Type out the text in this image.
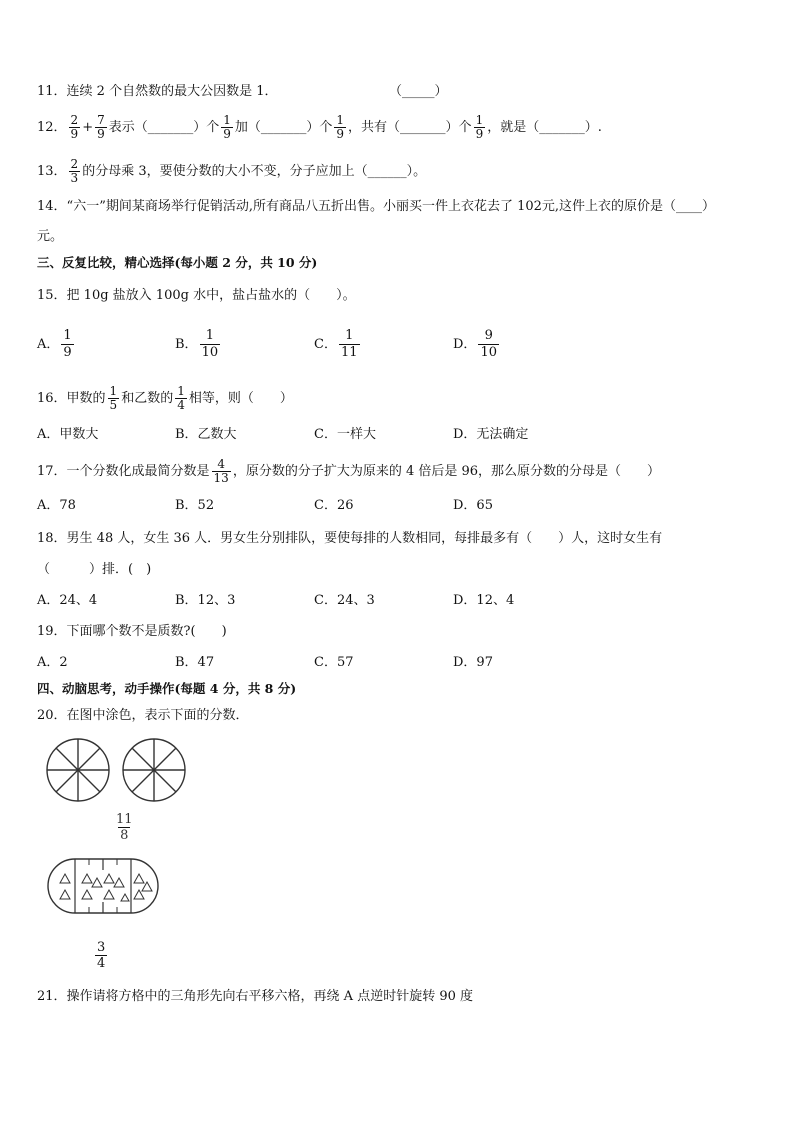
11．连续 2 个自然数的最大公因数是 1．	（_____）
12． $\frac{2}{9} + \frac{7}{9}$ 表示（_______）个 $\frac{1}{9}$ 加（_______）个 $\frac{1}{9}$ ，共有（_______）个 $\frac{1}{9}$ ，就是（_______）.
13． $\frac{2}{3}$ 的分母乘 3，要使分数的大小不变，分子应加上（______）。
14．“六一”期间某商场举行促销活动,所有商品八五折出售。小丽买一件上衣花去了 102元,这件上衣的原价是（____）
元。
三、反复比较，精心选择(每小题 2 分，共 10 分)
15．把 10g 盐放入 100g 水中，盐占盐水的（　　）。
A． $\frac{1}{9}$	B． $\frac{1}{10}$	C． $\frac{1}{11}$	D． $\frac{9}{10}$
16．甲数的 $\frac{1}{5}$ 和乙数的 $\frac{1}{4}$ 相等，则（　　）
A．甲数大	B．乙数大	C．一样大	D．无法确定
17．一个分数化成最简分数是 $\frac{4}{13}$ ，原分数的分子扩大为原来的 4 倍后是 96，那么原分数的分母是（　　）
A．78	B．52	C．26	D．65
18．男生 48 人，女生 36 人．男女生分别排队，要使每排的人数相同，每排最多有（　　）人，这时女生有
（　　　）排．(　)
A．24、4	B．12、3	C．24、3	D．12、4
19．下面哪个数不是质数?(　　)
A．2	B．47	C．57	D．97
四、动脑思考，动手操作(每题 4 分，共 8 分)
20．在图中涂色，表示下面的分数．
$\frac{11}{8}$
$\frac{3}{4}$
21．操作请将方格中的三角形先向右平移六格，再绕 A 点逆时针旋转 90 度
